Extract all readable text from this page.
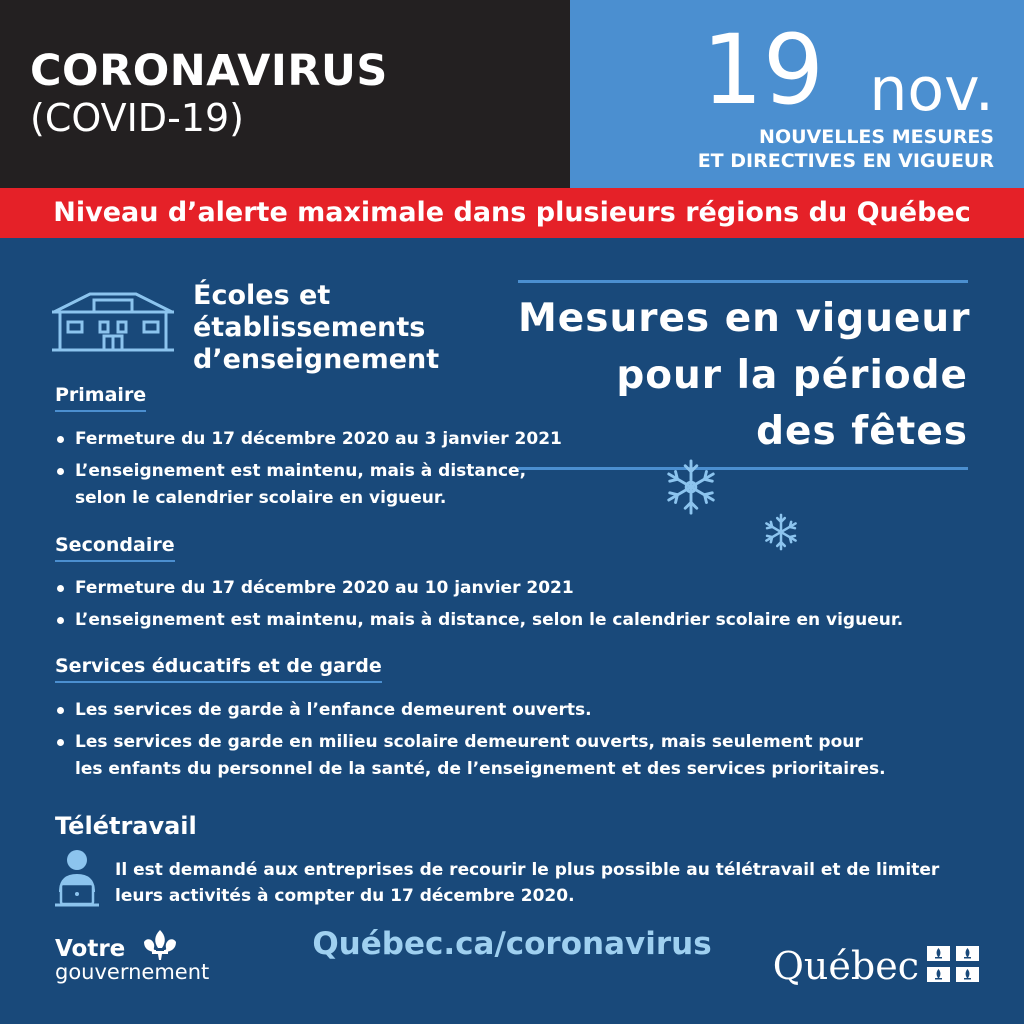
CORONAVIRUS
(COVID-19)	19 nov.
NOUVELLES MESURES
ET DIRECTIVES EN VIGUEUR
Niveau d’alerte maximale dans plusieurs régions du Québec
Écoles et
établissements
d’enseignement
Mesures en vigueur
pour la période
des fêtes
Primaire
Fermeture du 17 décembre 2020 au 3 janvier 2021
L’enseignement est maintenu, mais à distance,
selon le calendrier scolaire en vigueur.
Secondaire
Fermeture du 17 décembre 2020 au 10 janvier 2021
L’enseignement est maintenu, mais à distance, selon le calendrier scolaire en vigueur.
Services éducatifs et de garde
Les services de garde à l’enfance demeurent ouverts.
Les services de garde en milieu scolaire demeurent ouverts, mais seulement pour
les enfants du personnel de la santé, de l’enseignement et des services prioritaires.
Télétravail
Il est demandé aux entreprises de recourir le plus possible au télétravail et de limiter
leurs activités à compter du 17 décembre 2020.
Votre
gouvernement
Québec.ca/coronavirus	Québec
